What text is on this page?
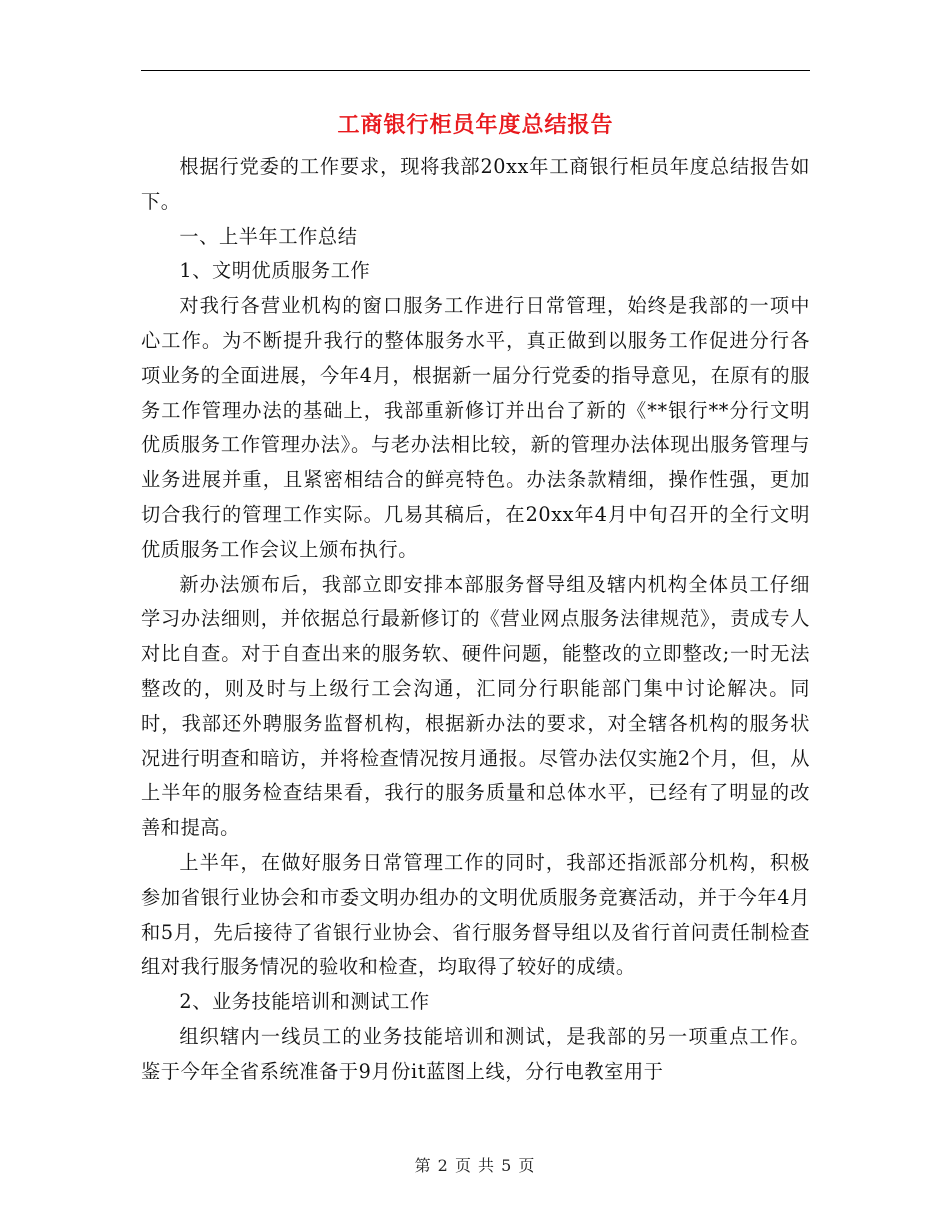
工商银行柜员年度总结报告

根据行党委的工作要求，现将我部20xx年工商银行柜员年度总结报告如下。

一、上半年工作总结

1、文明优质服务工作

对我行各营业机构的窗口服务工作进行日常管理，始终是我部的一项中心工作。为不断提升我行的整体服务水平，真正做到以服务工作促进分行各项业务的全面进展，今年4月，根据新一届分行党委的指导意见，在原有的服务工作管理办法的基础上，我部重新修订并出台了新的《**银行**分行文明优质服务工作管理办法》。与老办法相比较，新的管理办法体现出服务管理与业务进展并重，且紧密相结合的鲜亮特色。办法条款精细，操作性强，更加切合我行的管理工作实际。几易其稿后，在20xx年4月中旬召开的全行文明优质服务工作会议上颁布执行。

新办法颁布后，我部立即安排本部服务督导组及辖内机构全体员工仔细学习办法细则，并依据总行最新修订的《营业网点服务法律规范》，责成专人对比自查。对于自查出来的服务软、硬件问题，能整改的立即整改;一时无法整改的，则及时与上级行工会沟通，汇同分行职能部门集中讨论解决。同时，我部还外聘服务监督机构，根据新办法的要求，对全辖各机构的服务状况进行明查和暗访，并将检查情况按月通报。尽管办法仅实施2个月，但，从上半年的服务检查结果看，我行的服务质量和总体水平，已经有了明显的改善和提高。

上半年，在做好服务日常管理工作的同时，我部还指派部分机构，积极参加省银行业协会和市委文明办组办的文明优质服务竞赛活动，并于今年4月和5月，先后接待了省银行业协会、省行服务督导组以及省行首问责任制检查组对我行服务情况的验收和检查，均取得了较好的成绩。

2、业务技能培训和测试工作

组织辖内一线员工的业务技能培训和测试，是我部的另一项重点工作。鉴于今年全省系统准备于9月份it蓝图上线，分行电教室用于

第 2 页 共 5 页
